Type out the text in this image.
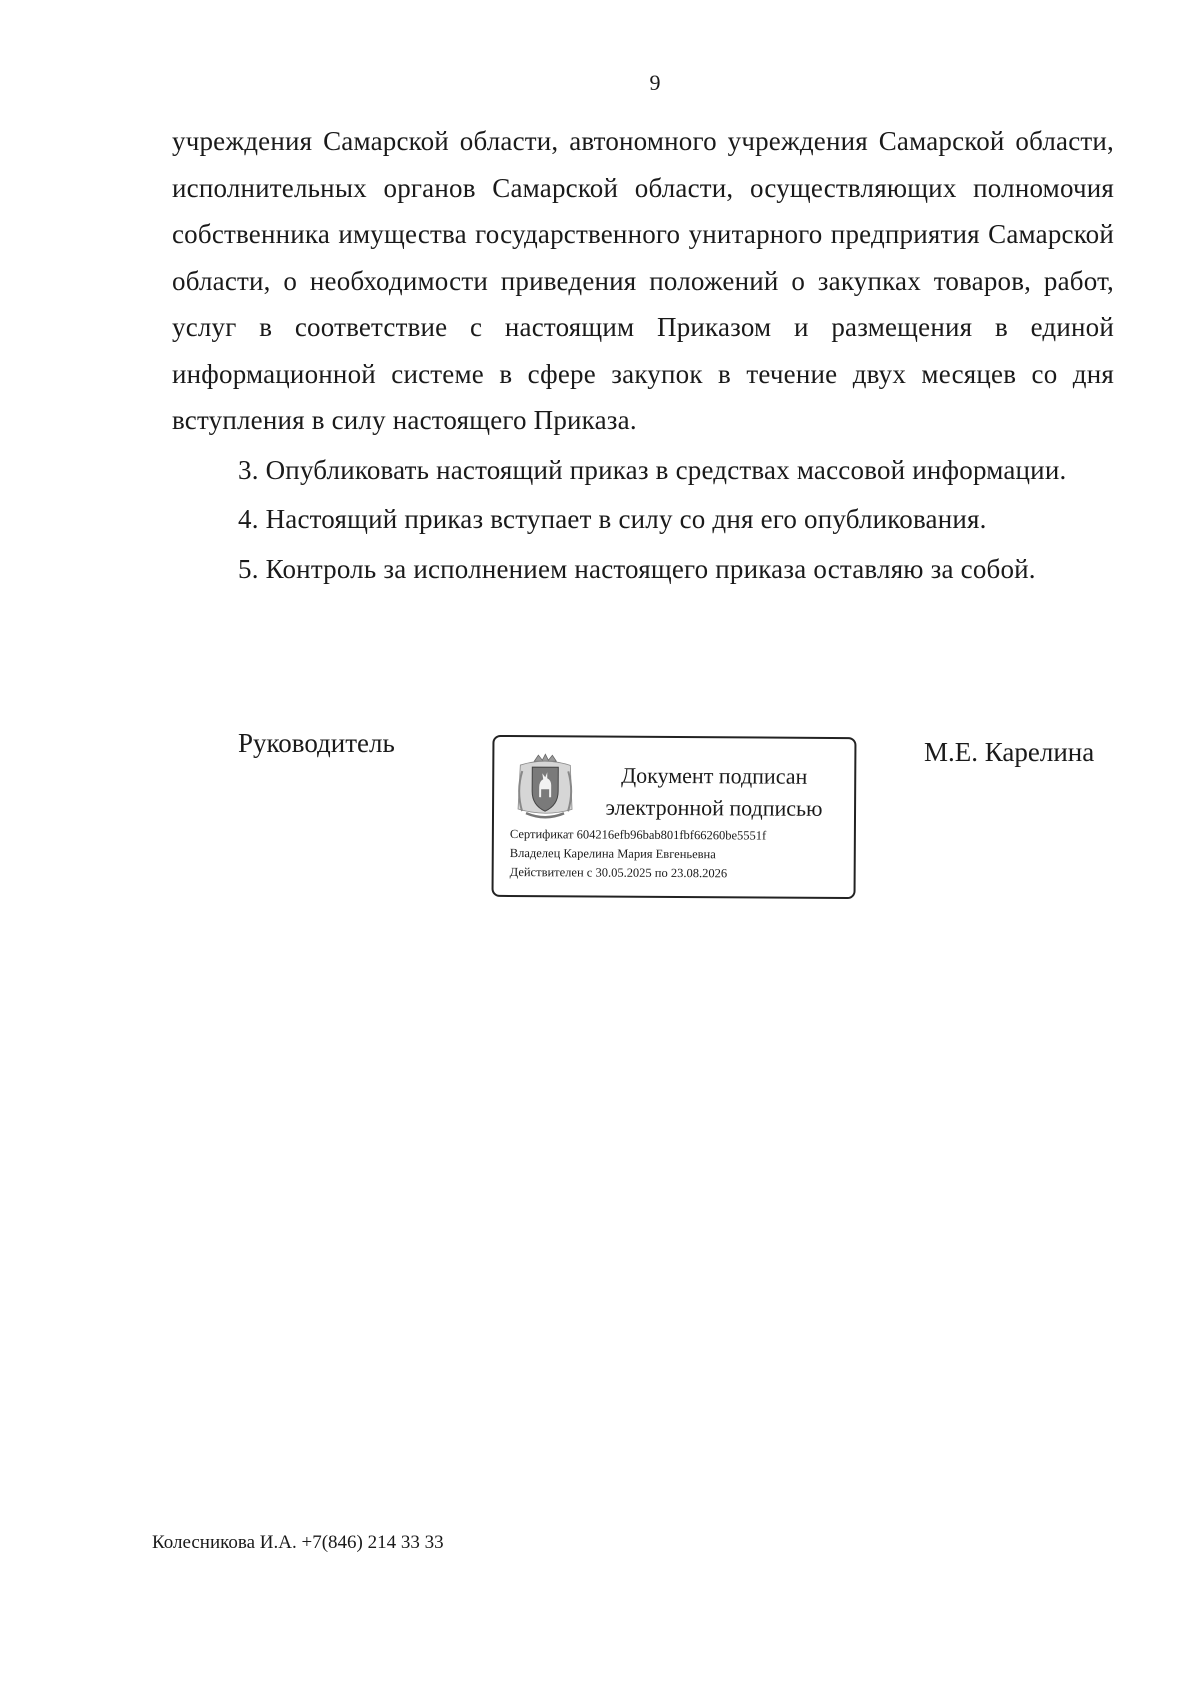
9

учреждения Самарской области, автономного учреждения Самарской области, исполнительных органов Самарской области, осуществляющих полномочия собственника имущества государственного унитарного предприятия Самарской области, о необходимости приведения положений о закупках товаров, работ, услуг в соответствие с настоящим Приказом и размещения в единой информационной системе в сфере закупок в течение двух месяцев со дня вступления в силу настоящего Приказа.

3. Опубликовать настоящий приказ в средствах массовой информации.

4. Настоящий приказ вступает в силу со дня его опубликования.

5. Контроль за исполнением настоящего приказа оставляю за собой.

Руководитель
Документ подписан
электронной подписью
Сертификат 604216efb96bab801fbf66260be5551f
Владелец Карелина Мария Евгеньевна
Действителен с 30.05.2025 по 23.08.2026
М.Е. Карелина
Колесникова И.А. +7(846) 214 33 33
